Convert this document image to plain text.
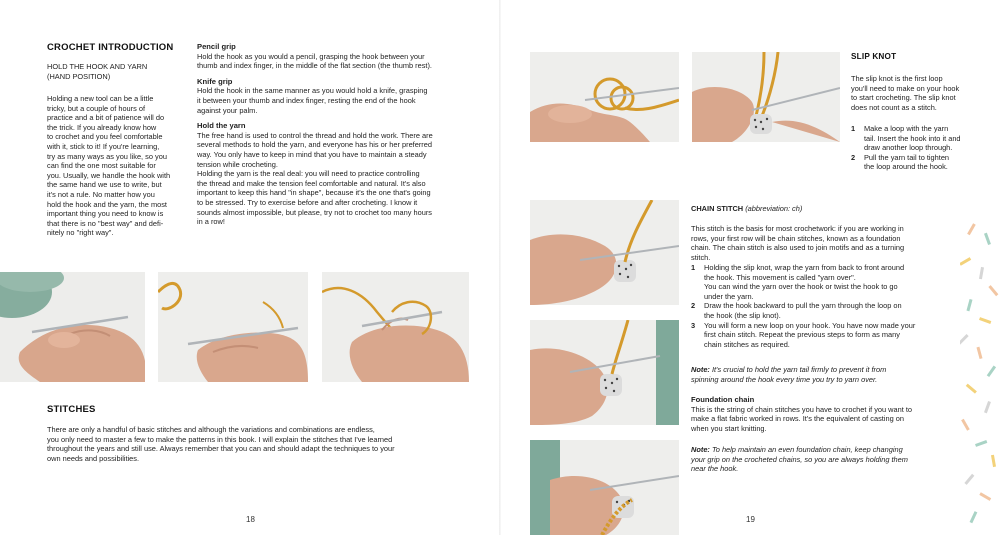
CROCHET INTRODUCTION

HOLD THE HOOK AND YARN

(HAND POSITION)

Holding a new tool can be a little

tricky, but a couple of hours of

practice and a bit of patience will do

the trick. If you already know how

to crochet and you feel comfortable

with it, stick to it! If you're learning,

try as many ways as you like, so you

can find the one most suitable for

you. Usually, we handle the hook with

the same hand we use to write, but

it's not a rule. No matter how you

hold the hook and the yarn, the most

important thing you need to know is

that there is no "best way" and defi-

nitely no "right way".

Pencil grip

Hold the hook as you would a pencil, grasping the hook between your

thumb and index finger, in the middle of the flat section (the thumb rest).

Knife grip

Hold the hook in the same manner as you would hold a knife, grasping

it between your thumb and index finger, resting the end of the hook

against your palm.

Hold the yarn

The free hand is used to control the thread and hold the work. There are

several methods to hold the yarn, and everyone has his or her preferred

way. You only have to keep in mind that you have to maintain a steady

tension while crocheting.

Holding the yarn is the real deal: you will need to practice controlling

the thread and make the tension feel comfortable and natural. It's also

important to keep this hand "in shape", because it's the one that's going

to be stressed. Try to exercise before and after crocheting. I know it

sounds almost impossible, but please, try not to crochet too many hours

in a row!

STITCHES

There are only a handful of basic stitches and although the variations and combinations are endless,

you only need to master a few to make the patterns in this book. I will explain the stitches that I've learned

throughout the years and still use. Always remember that you can and should adapt the techniques to your

own needs and possibilities.

18
SLIP KNOT

The slip knot is the first loop

you'll need to make on your hook

to start crocheting. The slip knot

does not count as a stitch.

1 Make a loop with the yarn

tail. Insert the hook into it and

draw another loop through.

2 Pull the yarn tail to tighten

the loop around the hook.

CHAIN STITCH (abbreviation: ch)

This stitch is the basis for most crochetwork: if you are working in

rows, your first row will be chain stitches, known as a foundation

chain. The chain stitch is also used to join motifs and as a turning

stitch.

1 Holding the slip knot, wrap the yarn from back to front around

the hook. This movement is called "yarn over".

You can wind the yarn over the hook or twist the hook to go

under the yarn.

2 Draw the hook backward to pull the yarn through the loop on

the hook (the slip knot).

3 You will form a new loop on your hook. You have now made your

first chain stitch. Repeat the previous steps to form as many

chain stitches as required.

Note: It's crucial to hold the yarn tail firmly to prevent it from

spinning around the hook every time you try to yarn over.

Foundation chain

This is the string of chain stitches you have to crochet if you want to

make a flat fabric worked in rows. It's the equivalent of casting on

when you start knitting.

Note: To help maintain an even foundation chain, keep changing

your grip on the crocheted chains, so you are always holding them

near the hook.

19
